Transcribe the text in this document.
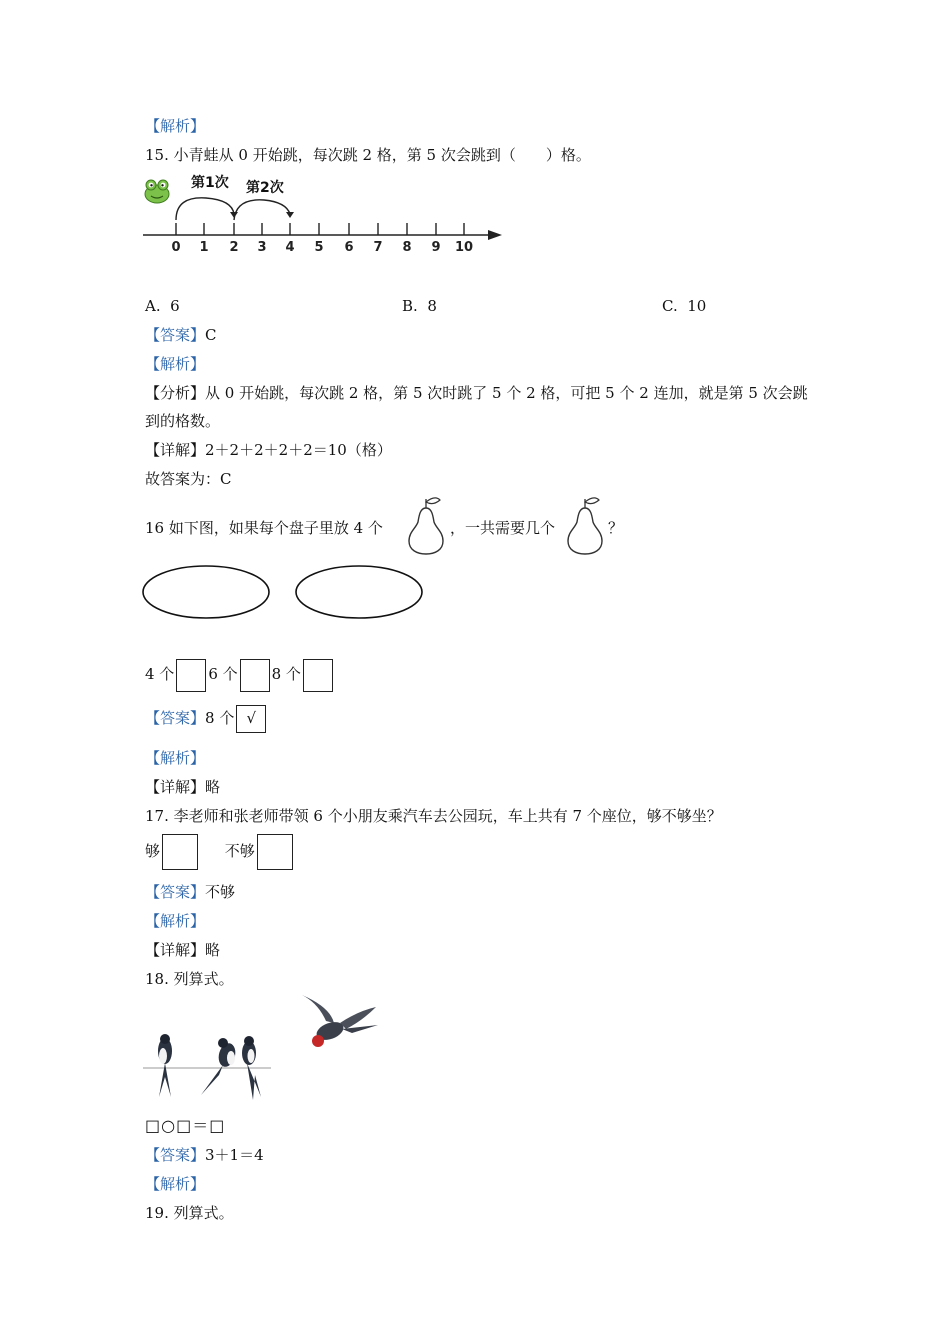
【解析】
15. 小青蛙从 0 开始跳，每次跳 2 格，第 5 次会跳到（　　）格。
第1次 第2次
0 1 2 3 4 5 6 7 8 9 10
A. 6	B. 8	C. 10
【答案】C
【解析】
【分析】从 0 开始跳，每次跳 2 格，第 5 次时跳了 5 个 2 格，可把 5 个 2 连加，就是第 5 次会跳
到的格数。
【详解】2＋2＋2＋2＋2＝10（格）
故答案为：C
16 如下图，如果每个盘子里放 4 个	，一共需要几个	？
4 个 6 个 8 个
【答案】8 个 √
【解析】
【详解】略
17. 李老师和张老师带领 6 个小朋友乘汽车去公园玩，车上共有 7 个座位，够不够坐？
够	不够
【答案】不够
【解析】
【详解】略
18. 列算式。
□○□＝□
【答案】3＋1＝4
【解析】
19. 列算式。
